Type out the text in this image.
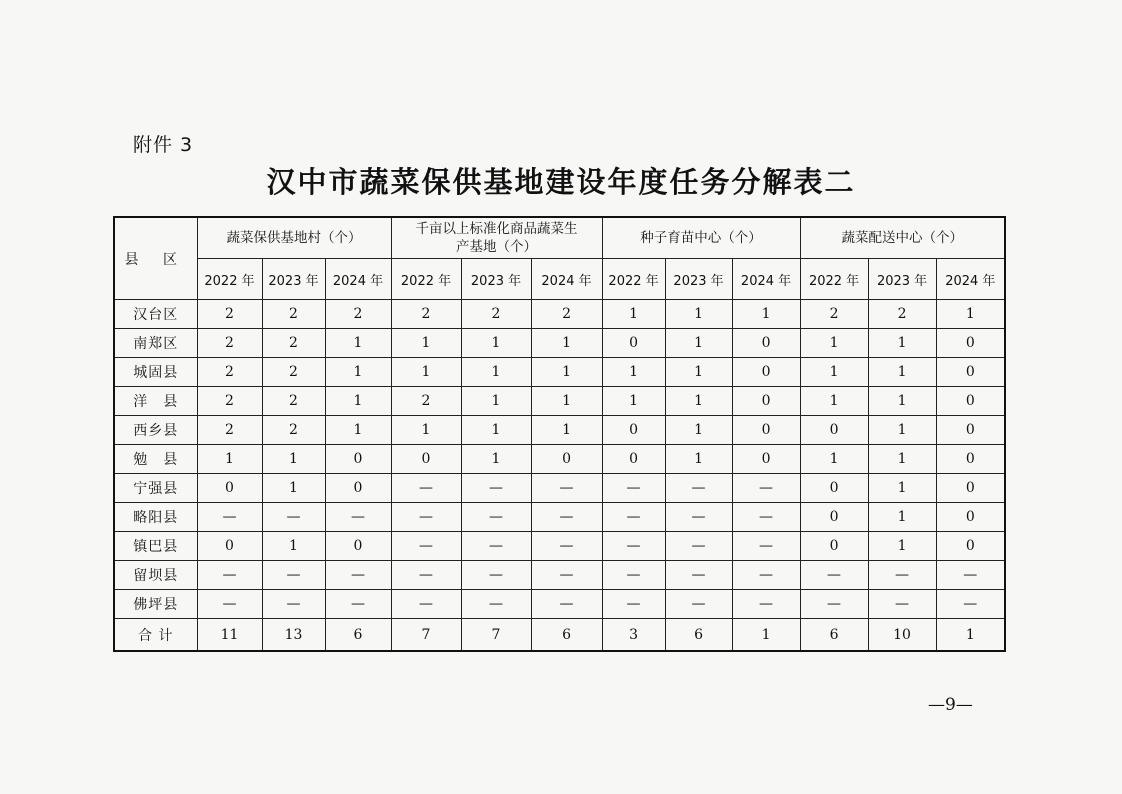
附件 3
汉中市蔬菜保供基地建设年度任务分解表二
县 区	蔬菜保供基地村（个）			千亩以上标准化商品蔬菜生产基地（个）			种子育苗中心（个）			蔬菜配送中心（个）		
	2022 年	2023 年	2024 年	2022 年	2023 年	2024 年	2022 年	2023 年	2024 年	2022 年	2023 年	2024 年
汉台区	2	2	2	2	2	2	1	1	1	2	2	1
南郑区	2	2	1	1	1	1	0	1	0	1	1	0
城固县	2	2	1	1	1	1	1	1	0	1	1	0
洋　县	2	2	1	2	1	1	1	1	0	1	1	0
西乡县	2	2	1	1	1	1	0	1	0	0	1	0
勉　县	1	1	0	0	1	0	0	1	0	1	1	0
宁强县	0	1	0	—	—	—	—	—	—	0	1	0
略阳县	—	—	—	—	—	—	—	—	—	0	1	0
镇巴县	0	1	0	—	—	—	—	—	—	0	1	0
留坝县	—	—	—	—	—	—	—	—	—	—	—	—
佛坪县	—	—	—	—	—	—	—	—	—	—	—	—
合 计	11	13	6	7	7	6	3	6	1	6	10	1
—9—
